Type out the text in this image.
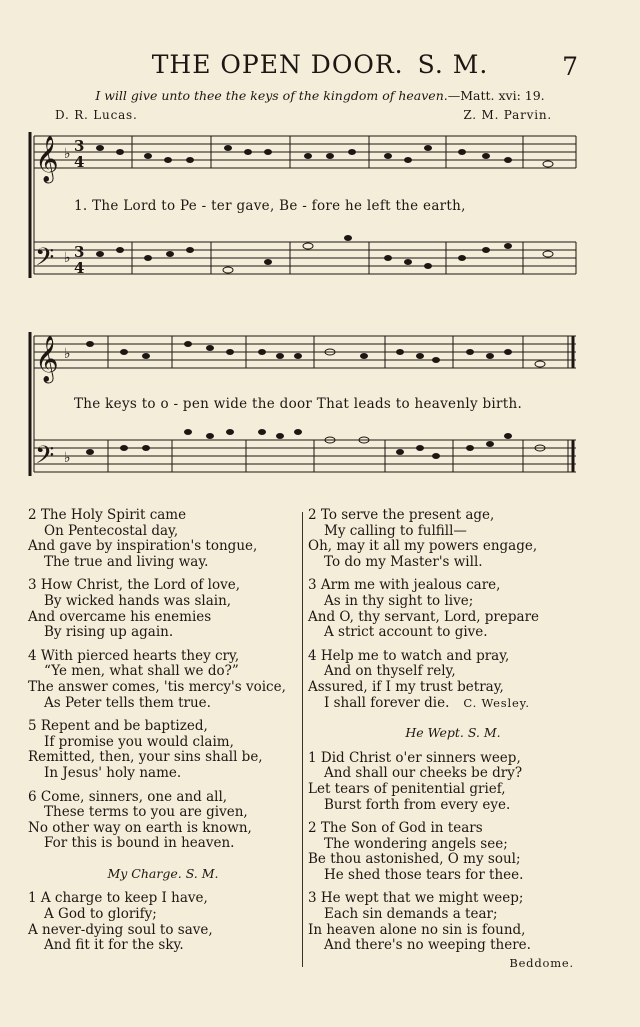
THE OPEN DOOR. S. M.	7
I will give unto thee the keys of the kingdom of heaven.—Matt. xvi: 19.
D. R. Lucas.	Z. M. Parvin.
𝄞
𝄢
𝄞
𝄢
♭
♭
♭
♭
3
4
3
4
1. The Lord to Pe - ter gave, Be - fore he left the earth,
The keys to o - pen wide the door That leads to heavenly birth.
2 The Holy Spirit came
On Pentecostal day,
And gave by inspiration's tongue,
The true and living way.
3 How Christ, the Lord of love,
By wicked hands was slain,
And overcame his enemies
By rising up again.
4 With pierced hearts they cry,
“Ye men, what shall we do?”
The answer comes, 'tis mercy's voice,
As Peter tells them true.
5 Repent and be baptized,
If promise you would claim,
Remitted, then, your sins shall be,
In Jesus' holy name.
6 Come, sinners, one and all,
These terms to you are given,
No other way on earth is known,
For this is bound in heaven.
My Charge. S. M.
1 A charge to keep I have,
A God to glorify;
A never-dying soul to save,
And fit it for the sky.
2 To serve the present age,
My calling to fulfill—
Oh, may it all my powers engage,
To do my Master's will.
3 Arm me with jealous care,
As in thy sight to live;
And O, thy servant, Lord, prepare
A strict account to give.
4 Help me to watch and pray,
And on thyself rely,
Assured, if I my trust betray,
I shall forever die. C. Wesley.
He Wept. S. M.
1 Did Christ o'er sinners weep,
And shall our cheeks be dry?
Let tears of penitential grief,
Burst forth from every eye.
2 The Son of God in tears
The wondering angels see;
Be thou astonished, O my soul;
He shed those tears for thee.
3 He wept that we might weep;
Each sin demands a tear;
In heaven alone no sin is found,
And there's no weeping there.
Beddome.
